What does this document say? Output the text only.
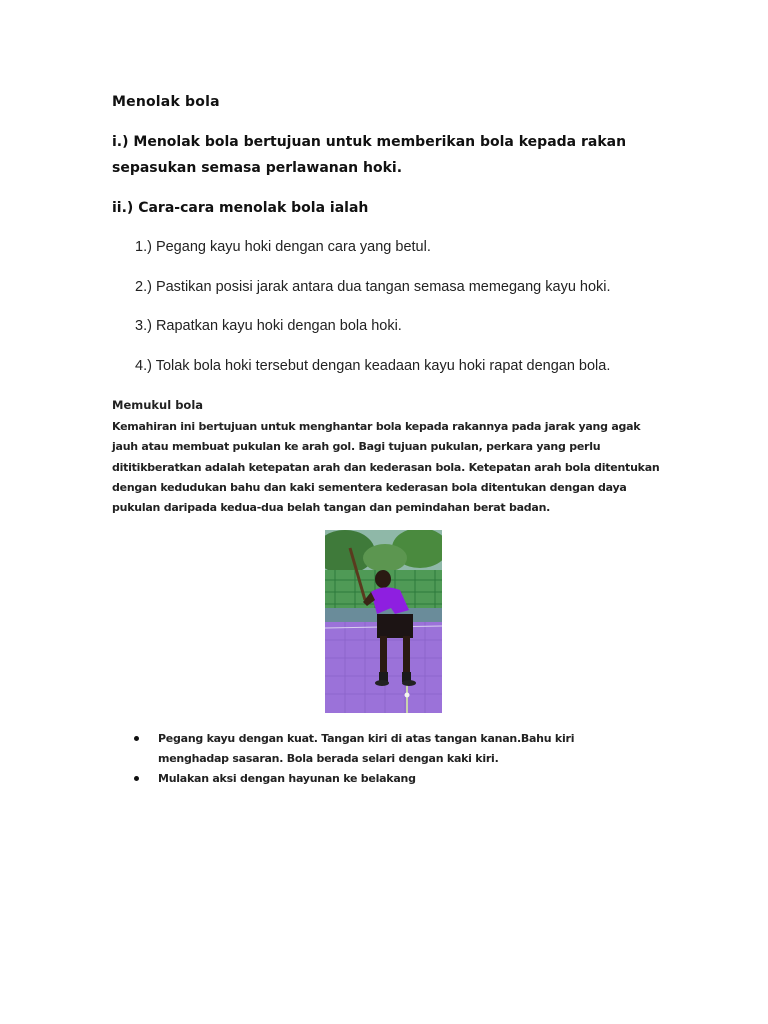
Menolak bola
i.) Menolak bola bertujuan untuk memberikan bola kepada rakan sepasukan semasa perlawanan hoki.
ii.) Cara-cara menolak bola ialah
1.) Pegang kayu hoki dengan cara yang betul.
2.) Pastikan posisi jarak antara dua tangan semasa memegang kayu hoki.
3.) Rapatkan kayu hoki dengan bola hoki.
4.) Tolak bola hoki tersebut dengan keadaan kayu hoki rapat dengan bola.
Memukul bola
Kemahiran ini bertujuan untuk menghantar bola kepada rakannya pada jarak yang agak jauh atau membuat pukulan ke arah gol. Bagi tujuan pukulan, perkara yang perlu dititikberatkan adalah ketepatan arah dan kederasan bola. Ketepatan arah bola ditentukan dengan kedudukan bahu dan kaki sementera kederasan bola ditentukan dengan daya pukulan daripada kedua-dua belah tangan dan pemindahan berat badan.
Pegang kayu dengan kuat. Tangan kiri di atas tangan kanan.Bahu kiri menghadap sasaran. Bola berada selari dengan kaki kiri.
Mulakan aksi dengan hayunan ke belakang
